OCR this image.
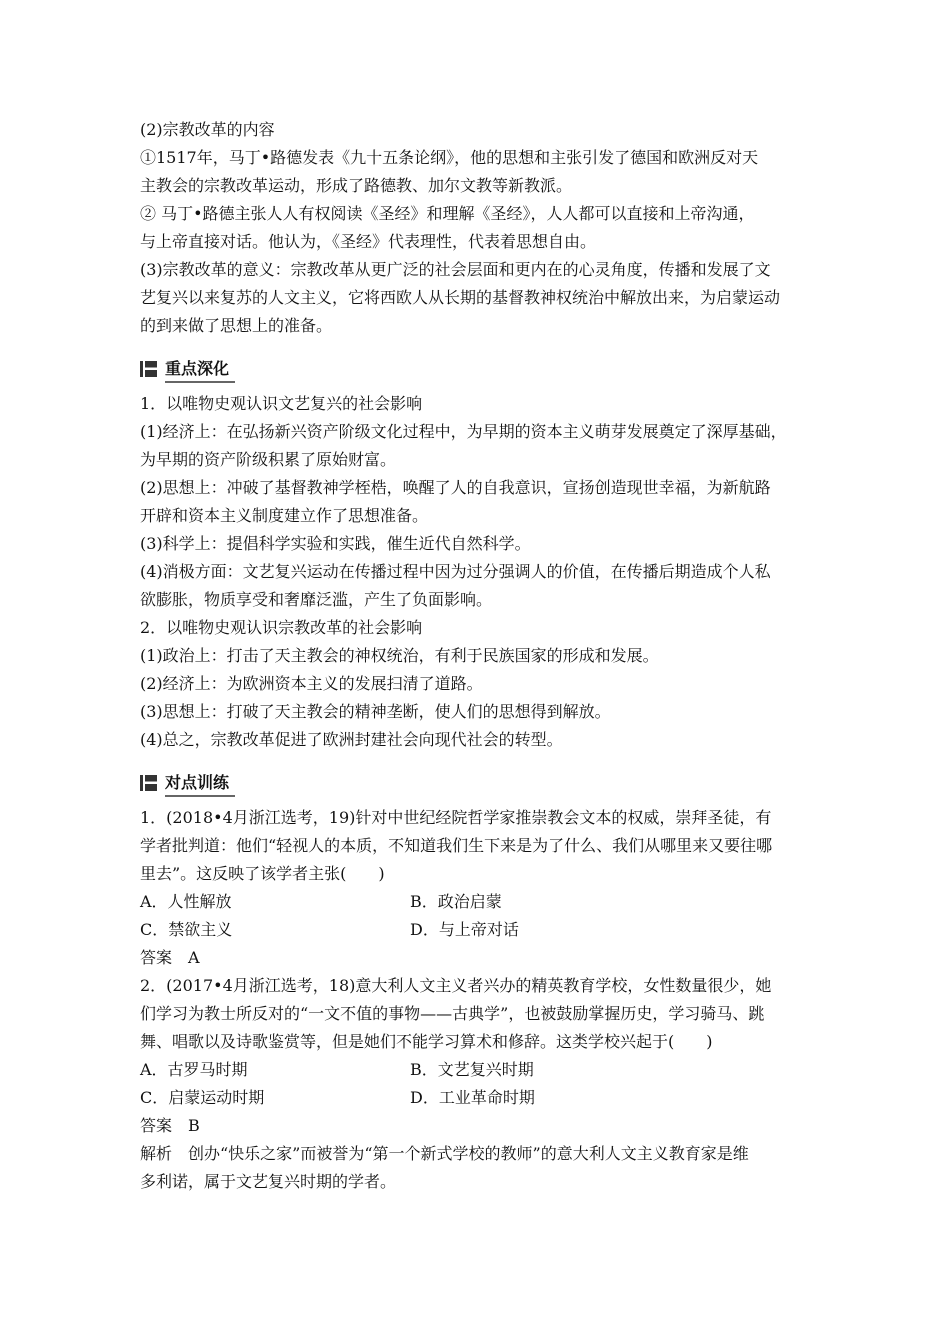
(2)宗教改革的内容

①1517年，马丁•路德发表《九十五条论纲》，他的思想和主张引发了德国和欧洲反对天

主教会的宗教改革运动，形成了路德教、加尔文教等新教派。

② 马丁•路德主张人人有权阅读《圣经》和理解《圣经》，人人都可以直接和上帝沟通，

与上帝直接对话。他认为，《圣经》代表理性，代表着思想自由。

(3)宗教改革的意义：宗教改革从更广泛的社会层面和更内在的心灵角度，传播和发展了文

艺复兴以来复苏的人文主义，它将西欧人从长期的基督教神权统治中解放出来，为启蒙运动

的到来做了思想上的准备。

重点深化

1．以唯物史观认识文艺复兴的社会影响

(1)经济上：在弘扬新兴资产阶级文化过程中，为早期的资本主义萌芽发展奠定了深厚基础，

为早期的资产阶级积累了原始财富。

(2)思想上：冲破了基督教神学桎梏，唤醒了人的自我意识，宣扬创造现世幸福，为新航路

开辟和资本主义制度建立作了思想准备。

(3)科学上：提倡科学实验和实践，催生近代自然科学。

(4)消极方面：文艺复兴运动在传播过程中因为过分强调人的价值，在传播后期造成个人私

欲膨胀，物质享受和奢靡泛滥，产生了负面影响。

2．以唯物史观认识宗教改革的社会影响

(1)政治上：打击了天主教会的神权统治，有利于民族国家的形成和发展。

(2)经济上：为欧洲资本主义的发展扫清了道路。

(3)思想上：打破了天主教会的精神垄断，使人们的思想得到解放。

(4)总之，宗教改革促进了欧洲封建社会向现代社会的转型。

对点训练

1．(2018•4月浙江选考，19)针对中世纪经院哲学家推崇教会文本的权威，崇拜圣徒，有

学者批判道：他们“轻视人的本质，不知道我们生下来是为了什么、我们从哪里来又要往哪

里去”。这反映了该学者主张(　　)

A．人性解放	B．政治启蒙
C．禁欲主义	D．与上帝对话

答案　A

2．(2017•4月浙江选考，18)意大利人文主义者兴办的精英教育学校，女性数量很少，她

们学习为教士所反对的“一文不值的事物——古典学”，也被鼓励掌握历史，学习骑马、跳

舞、唱歌以及诗歌鉴赏等，但是她们不能学习算术和修辞。这类学校兴起于(　　)

A．古罗马时期	B．文艺复兴时期
C．启蒙运动时期	D．工业革命时期

答案　B

解析　创办“快乐之家”而被誉为“第一个新式学校的教师”的意大利人文主义教育家是维

多利诺，属于文艺复兴时期的学者。
